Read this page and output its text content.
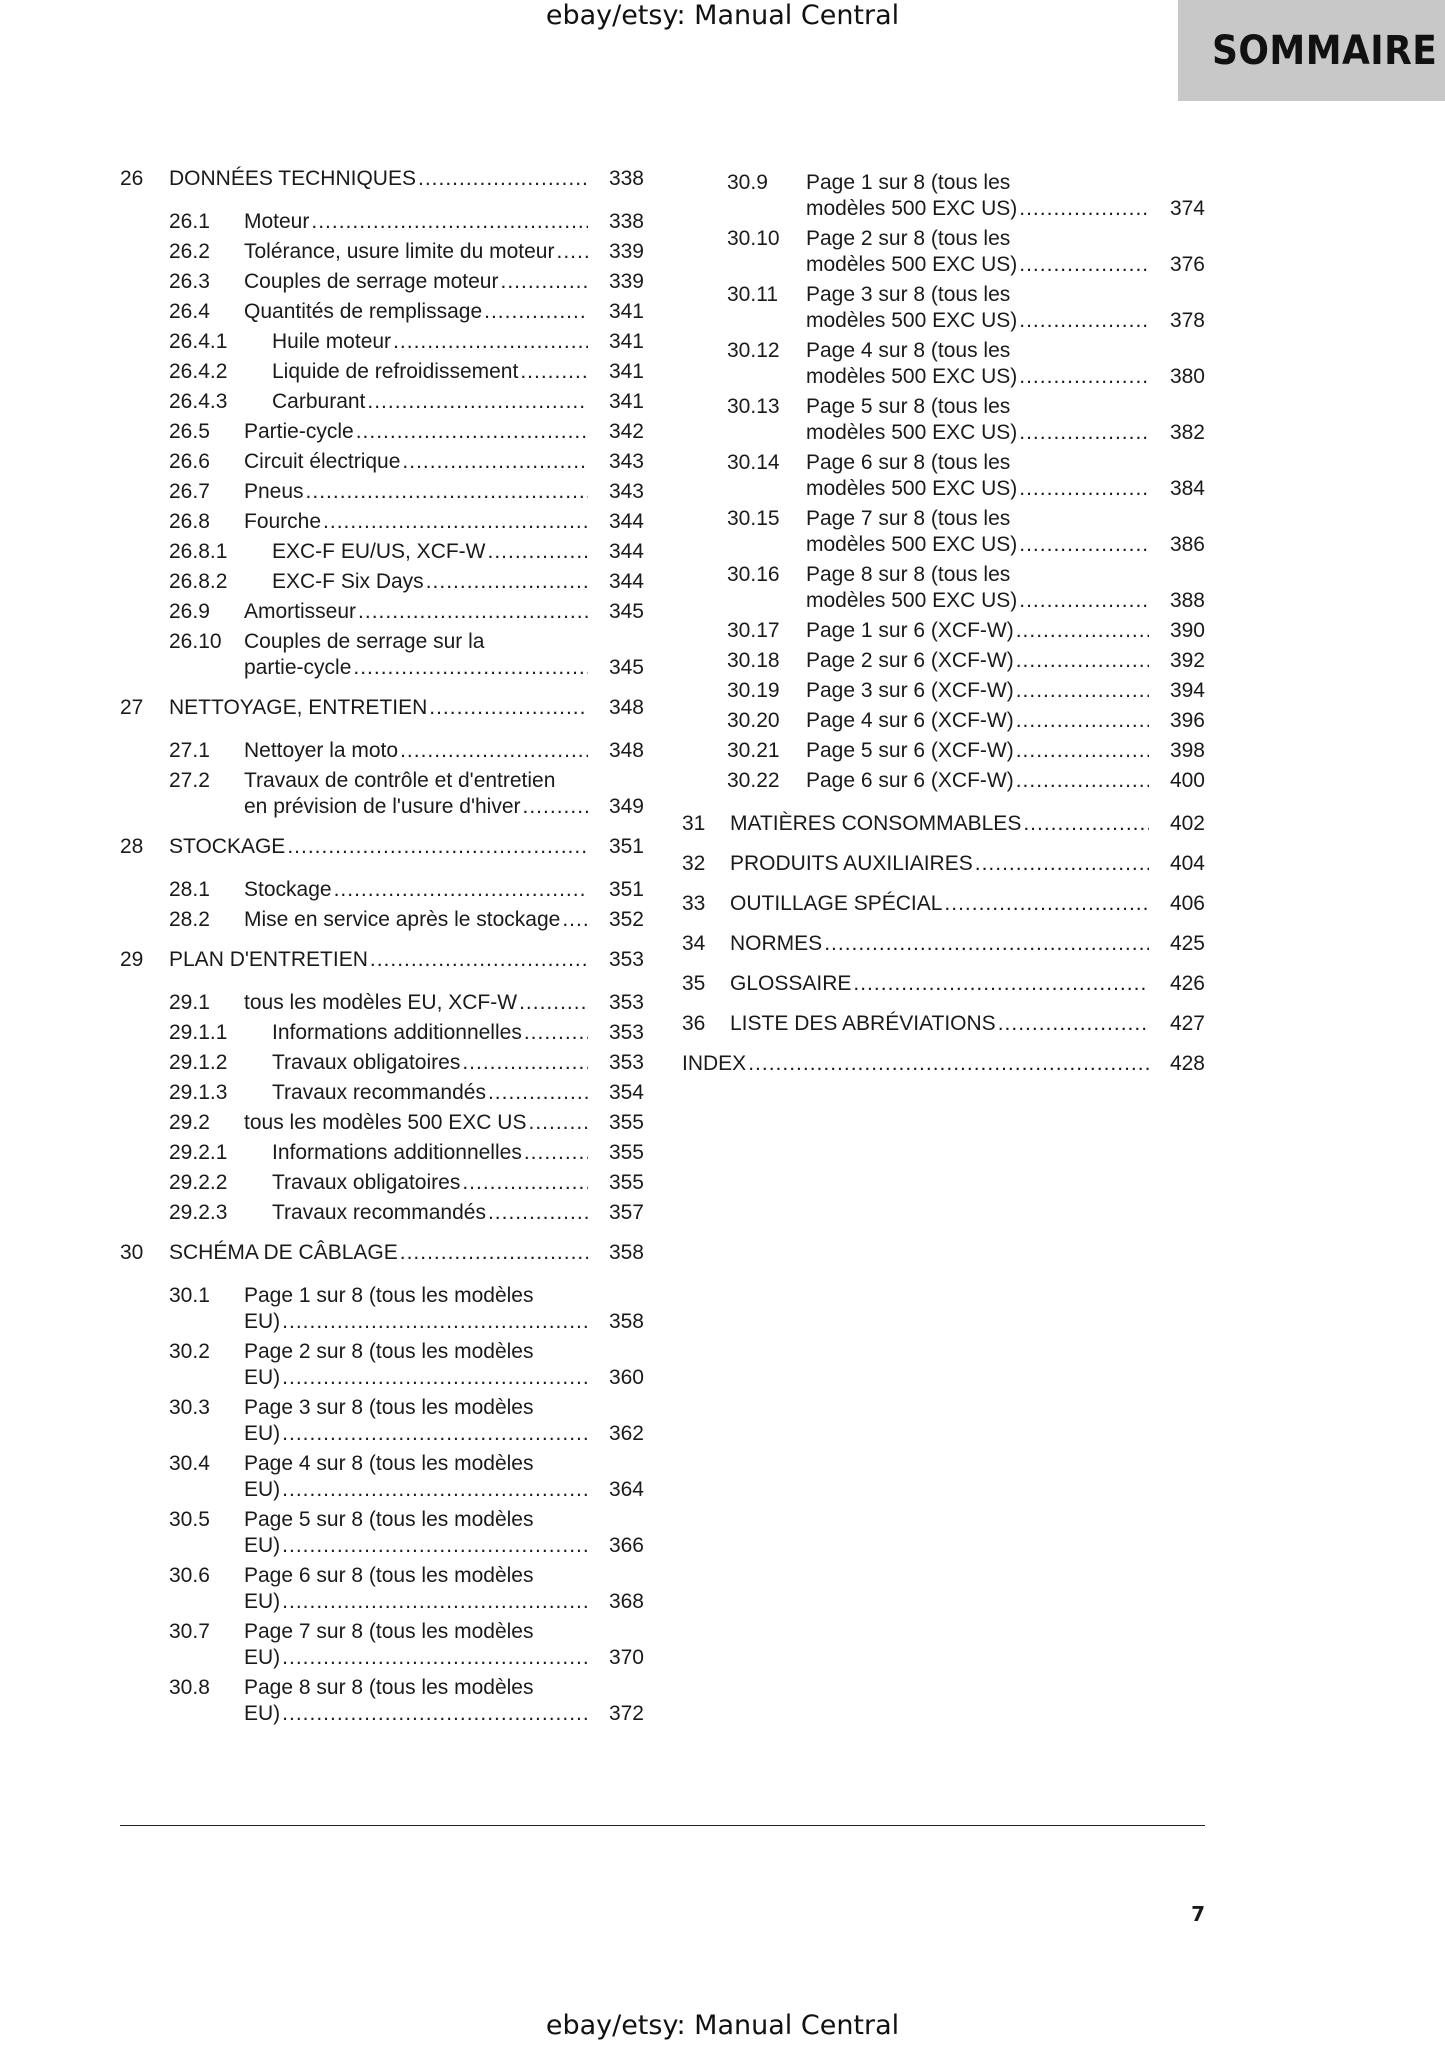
ebay/etsy: Manual Central
SOMMAIRE
26 DONNÉES TECHNIQUES .....	338
26.1 Moteur .....	338
26.2 Tolérance, usure limite du moteur .....	339
26.3 Couples de serrage moteur .....	339
26.4 Quantités de remplissage .....	341
26.4.1 Huile moteur .....	341
26.4.2 Liquide de refroidissement .....	341
26.4.3 Carburant .....	341
26.5 Partie-cycle .....	342
26.6 Circuit électrique .....	343
26.7 Pneus .....	343
26.8 Fourche .....	344
26.8.1 EXC-F EU/US, XCF-W .....	344
26.8.2 EXC-F Six Days .....	344
26.9 Amortisseur .....	345
26.10 Couples de serrage sur la
partie-cycle .....	345
27 NETTOYAGE, ENTRETIEN .....	348
27.1 Nettoyer la moto .....	348
27.2 Travaux de contrôle et d'entretien
en prévision de l'usure d'hiver .....	349
28 STOCKAGE .....	351
28.1 Stockage .....	351
28.2 Mise en service après le stockage .....	352
29 PLAN D'ENTRETIEN .....	353
29.1 tous les modèles EU, XCF-W .....	353
29.1.1 Informations additionnelles .....	353
29.1.2 Travaux obligatoires .....	353
29.1.3 Travaux recommandés .....	354
29.2 tous les modèles 500 EXC US .....	355
29.2.1 Informations additionnelles .....	355
29.2.2 Travaux obligatoires .....	355
29.2.3 Travaux recommandés .....	357
30 SCHÉMA DE CÂBLAGE .....	358
30.1 Page 1 sur 8 (tous les modèles
EU) .....	358
30.2 Page 2 sur 8 (tous les modèles
EU) .....	360
30.3 Page 3 sur 8 (tous les modèles
EU) .....	362
30.4 Page 4 sur 8 (tous les modèles
EU) .....	364
30.5 Page 5 sur 8 (tous les modèles
EU) .....	366
30.6 Page 6 sur 8 (tous les modèles
EU) .....	368
30.7 Page 7 sur 8 (tous les modèles
EU) .....	370
30.8 Page 8 sur 8 (tous les modèles
EU) .....	372
30.9 Page 1 sur 8 (tous les
modèles 500 EXC US) .....	374
30.10 Page 2 sur 8 (tous les
modèles 500 EXC US) .....	376
30.11 Page 3 sur 8 (tous les
modèles 500 EXC US) .....	378
30.12 Page 4 sur 8 (tous les
modèles 500 EXC US) .....	380
30.13 Page 5 sur 8 (tous les
modèles 500 EXC US) .....	382
30.14 Page 6 sur 8 (tous les
modèles 500 EXC US) .....	384
30.15 Page 7 sur 8 (tous les
modèles 500 EXC US) .....	386
30.16 Page 8 sur 8 (tous les
modèles 500 EXC US) .....	388
30.17 Page 1 sur 6 (XCF-W) .....	390
30.18 Page 2 sur 6 (XCF-W) .....	392
30.19 Page 3 sur 6 (XCF-W) .....	394
30.20 Page 4 sur 6 (XCF-W) .....	396
30.21 Page 5 sur 6 (XCF-W) .....	398
30.22 Page 6 sur 6 (XCF-W) .....	400
31 MATIÈRES CONSOMMABLES .....	402
32 PRODUITS AUXILIAIRES .....	404
33 OUTILLAGE SPÉCIAL .....	406
34 NORMES .....	425
35 GLOSSAIRE .....	426
36 LISTE DES ABRÉVIATIONS .....	427
INDEX .....	428
7
ebay/etsy: Manual Central
